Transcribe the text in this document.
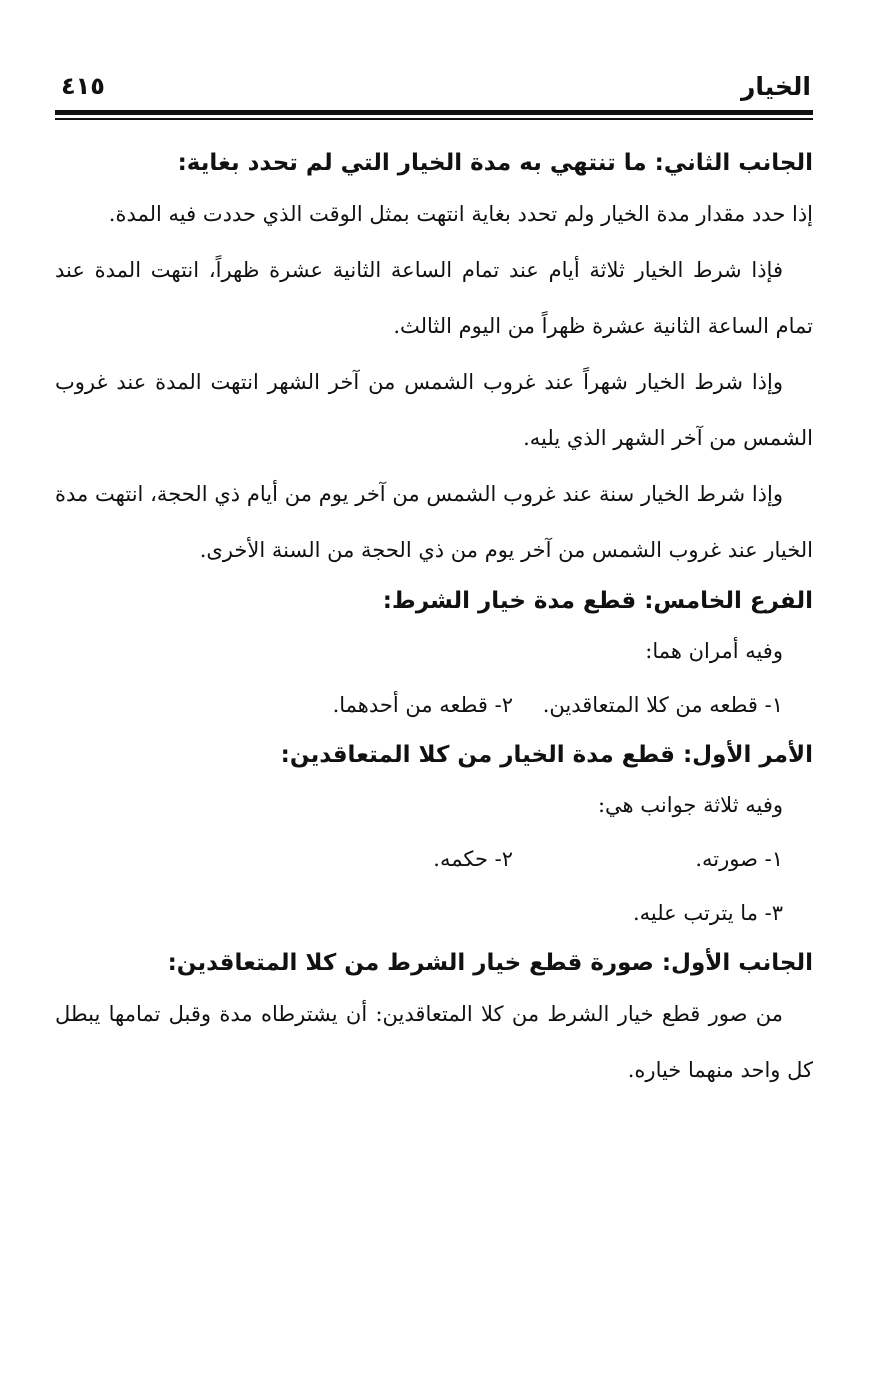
الخيار
٤١٥
الجانب الثاني: ما تنتهي به مدة الخيار التي لم تحدد بغاية:
إذا حدد مقدار مدة الخيار ولم تحدد بغاية انتهت بمثل الوقت الذي حددت فيه المدة.
فإذا شرط الخيار ثلاثة أيام عند تمام الساعة الثانية عشرة ظهراً، انتهت المدة عند تمام الساعة الثانية عشرة ظهراً من اليوم الثالث.
وإذا شرط الخيار شهراً عند غروب الشمس من آخر الشهر انتهت المدة عند غروب الشمس من آخر الشهر الذي يليه.
وإذا شرط الخيار سنة عند غروب الشمس من آخر يوم من أيام ذي الحجة، انتهت مدة الخيار عند غروب الشمس من آخر يوم من ذي الحجة من السنة الأخرى.
الفرع الخامس: قطع مدة خيار الشرط:
وفيه أمران هما:
١- قطعه من كلا المتعاقدين.
٢- قطعه من أحدهما.
الأمر الأول: قطع مدة الخيار من كلا المتعاقدين:
وفيه ثلاثة جوانب هي:
١- صورته.
٢- حكمه.
٣- ما يترتب عليه.
الجانب الأول: صورة قطع خيار الشرط من كلا المتعاقدين:
من صور قطع خيار الشرط من كلا المتعاقدين: أن يشترطاه مدة وقبل تمامها يبطل كل واحد منهما خياره.
